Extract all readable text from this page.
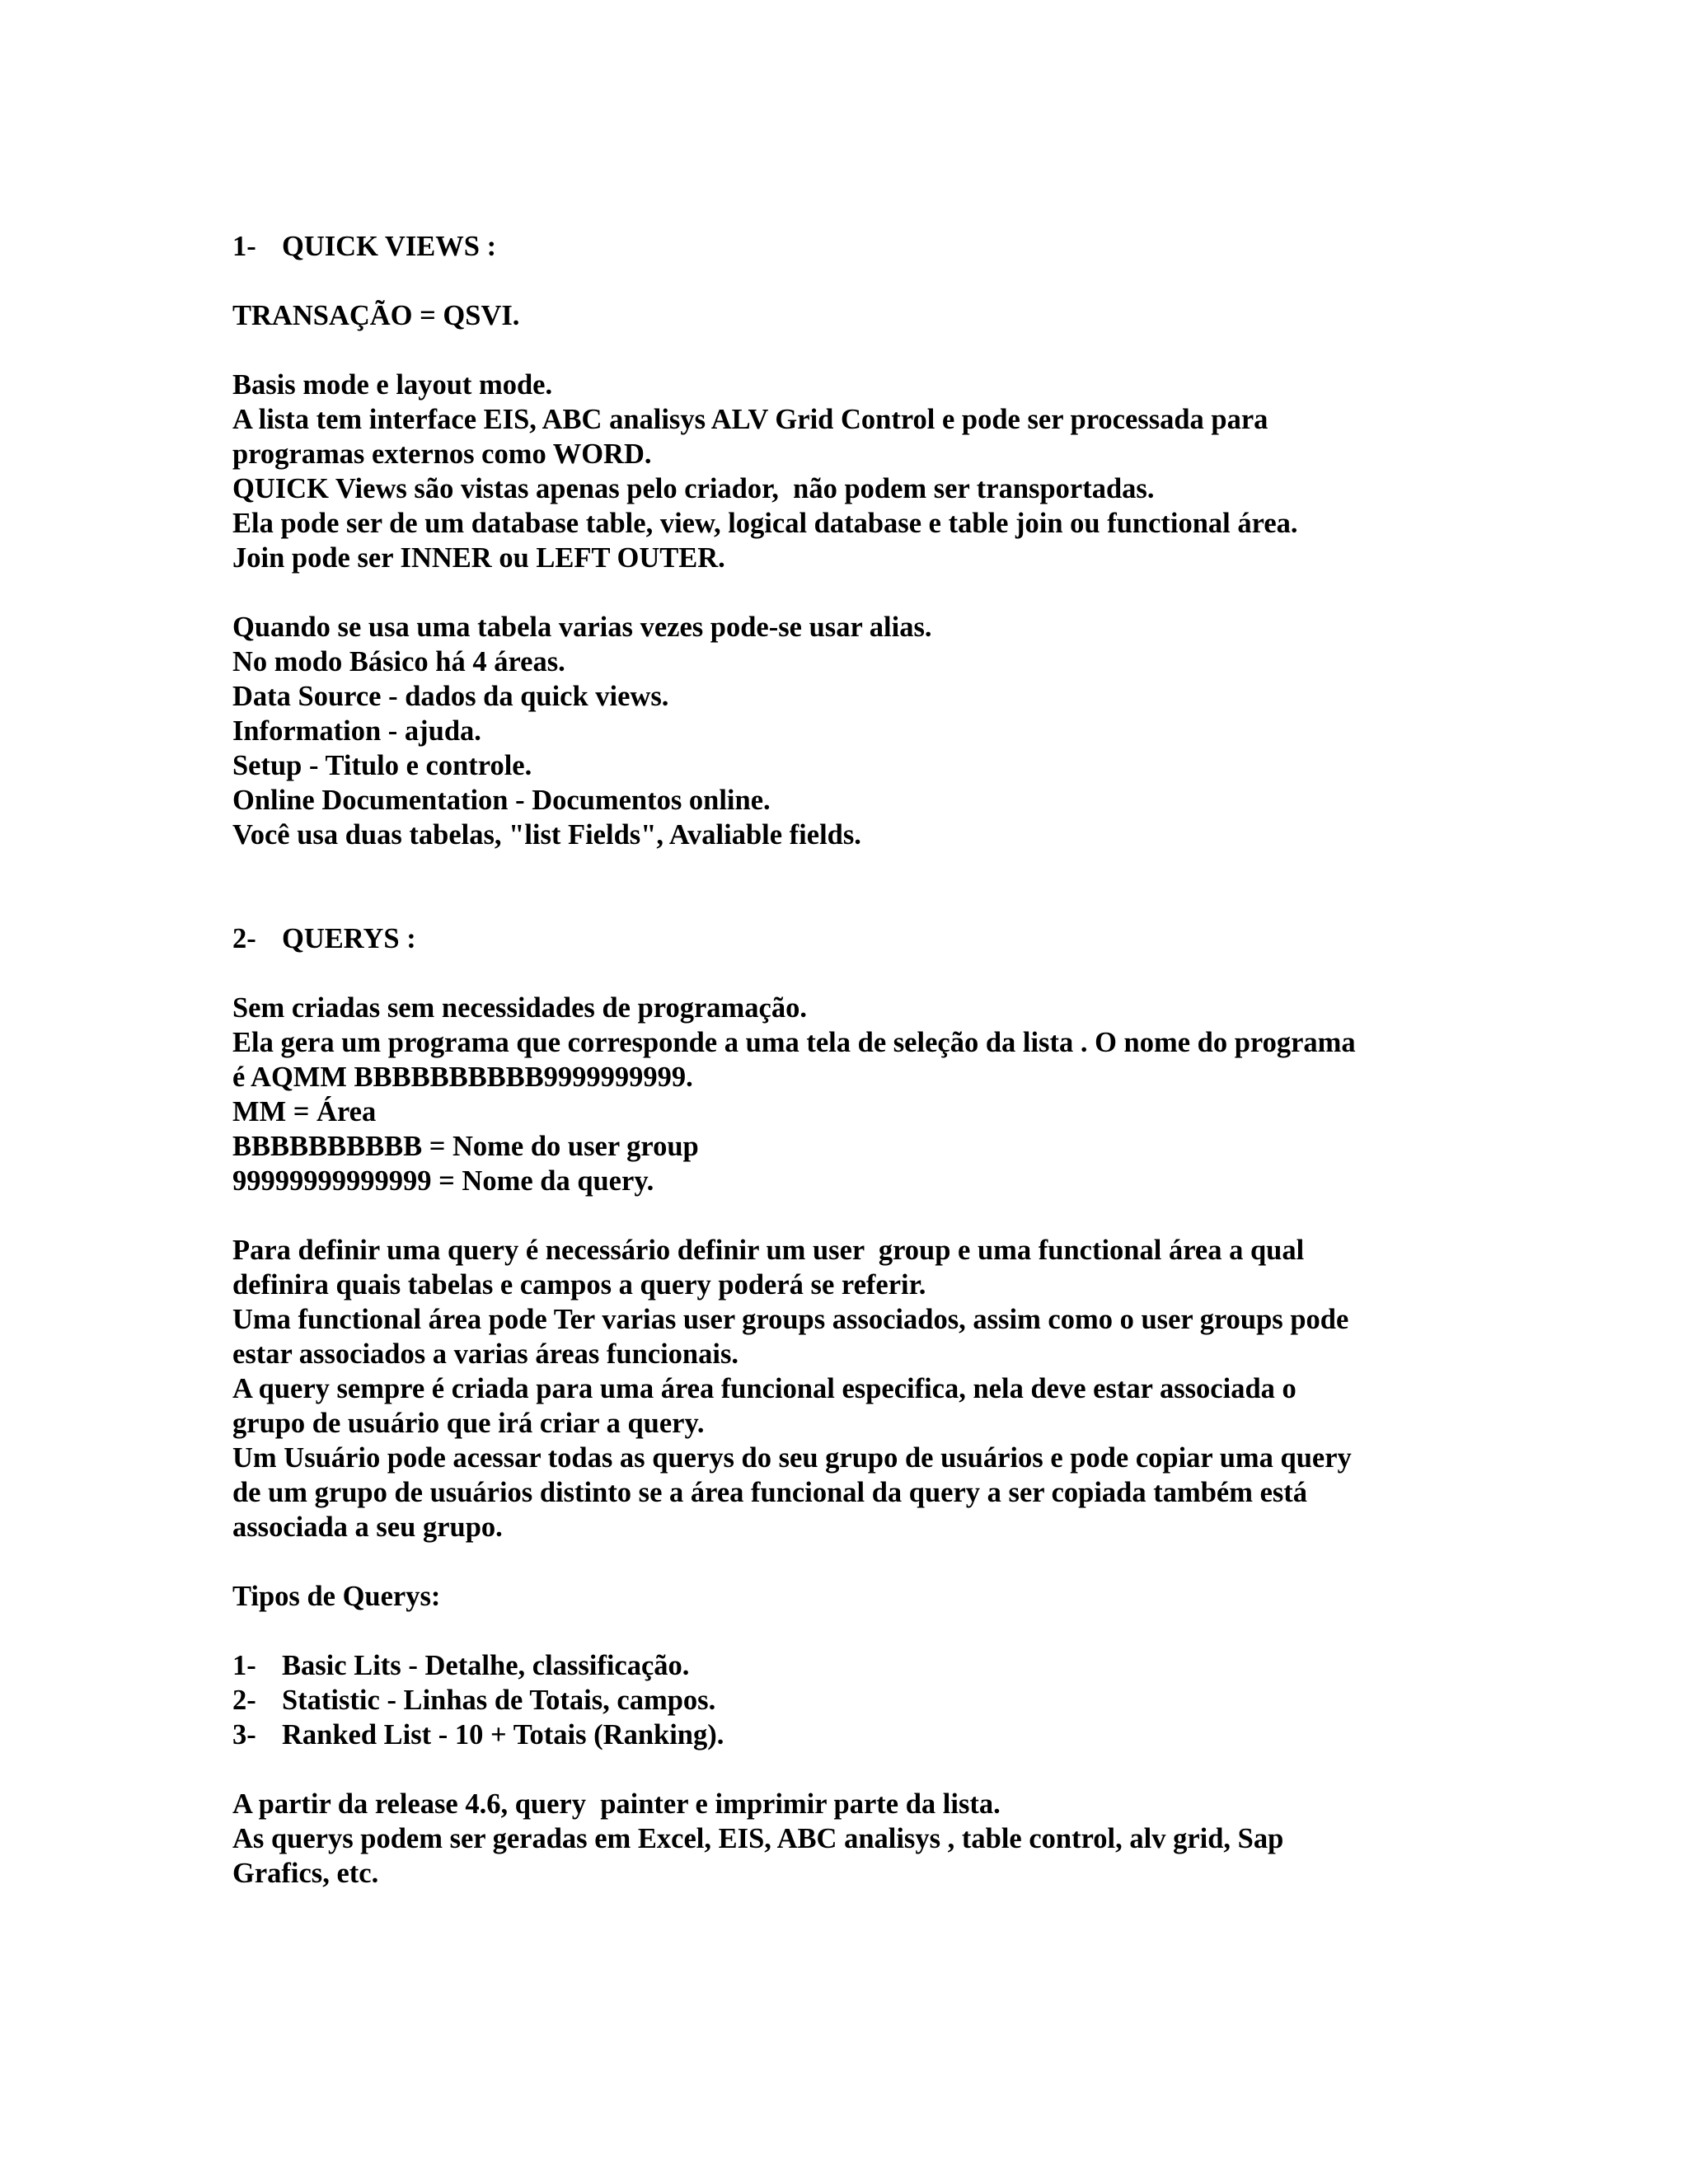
1- QUICK VIEWS :
TRANSAÇÃO = QSVI.
Basis mode e layout mode.
A lista tem interface EIS, ABC analisys ALV Grid Control e pode ser processada para
programas externos como WORD.
QUICK Views são vistas apenas pelo criador,  não podem ser transportadas.
Ela pode ser de um database table, view, logical database e table join ou functional área.
Join pode ser INNER ou LEFT OUTER.
Quando se usa uma tabela varias vezes pode-se usar alias.
No modo Básico há 4 áreas.
Data Source - dados da quick views.
Information - ajuda.
Setup - Titulo e controle.
Online Documentation - Documentos online.
Você usa duas tabelas, "list Fields", Avaliable fields.
2- QUERYS :
Sem criadas sem necessidades de programação.
Ela gera um programa que corresponde a uma tela de seleção da lista . O nome do programa
é AQMM BBBBBBBBBB9999999999.
MM = Área
BBBBBBBBBB = Nome do user group
99999999999999 = Nome da query.
Para definir uma query é necessário definir um user  group e uma functional área a qual
definira quais tabelas e campos a query poderá se referir.
Uma functional área pode Ter varias user groups associados, assim como o user groups pode
estar associados a varias áreas funcionais.
A query sempre é criada para uma área funcional especifica, nela deve estar associada o
grupo de usuário que irá criar a query.
Um Usuário pode acessar todas as querys do seu grupo de usuários e pode copiar uma query
de um grupo de usuários distinto se a área funcional da query a ser copiada também está
associada a seu grupo.
Tipos de Querys:
1- Basic Lits - Detalhe, classificação.
2- Statistic - Linhas de Totais, campos.
3- Ranked List - 10 + Totais (Ranking).
A partir da release 4.6, query  painter e imprimir parte da lista.
As querys podem ser geradas em Excel, EIS, ABC analisys , table control, alv grid, Sap
Grafics, etc.
